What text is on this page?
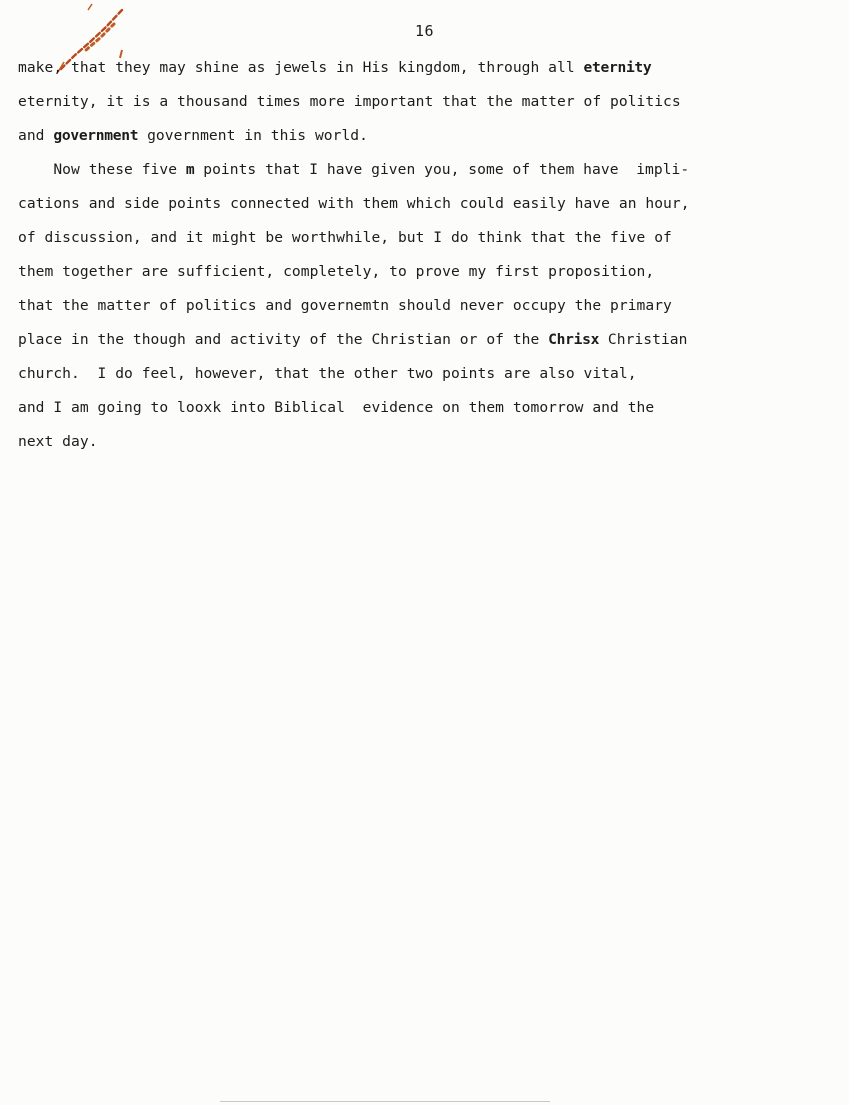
16
make, that they may shine as jewels in His kingdom, through all eternity
eternity, it is a thousand times more important that the matter of politics
and government government in this world.
Now these five m points that I have given you, some of them have  impli-
cations and side points connected with them which could easily have an hour,
of discussion, and it might be worthwhile, but I do think that the five of
them together are sufficient, completely, to prove my first proposition,
that the matter of politics and governemtn should never occupy the primary
place in the though and activity of the Christian or of the Chrisx Christian
church.  I do feel, however, that the other two points are also vital,
and I am going to looxk into Biblical  evidence on them tomorrow and the
next day.
